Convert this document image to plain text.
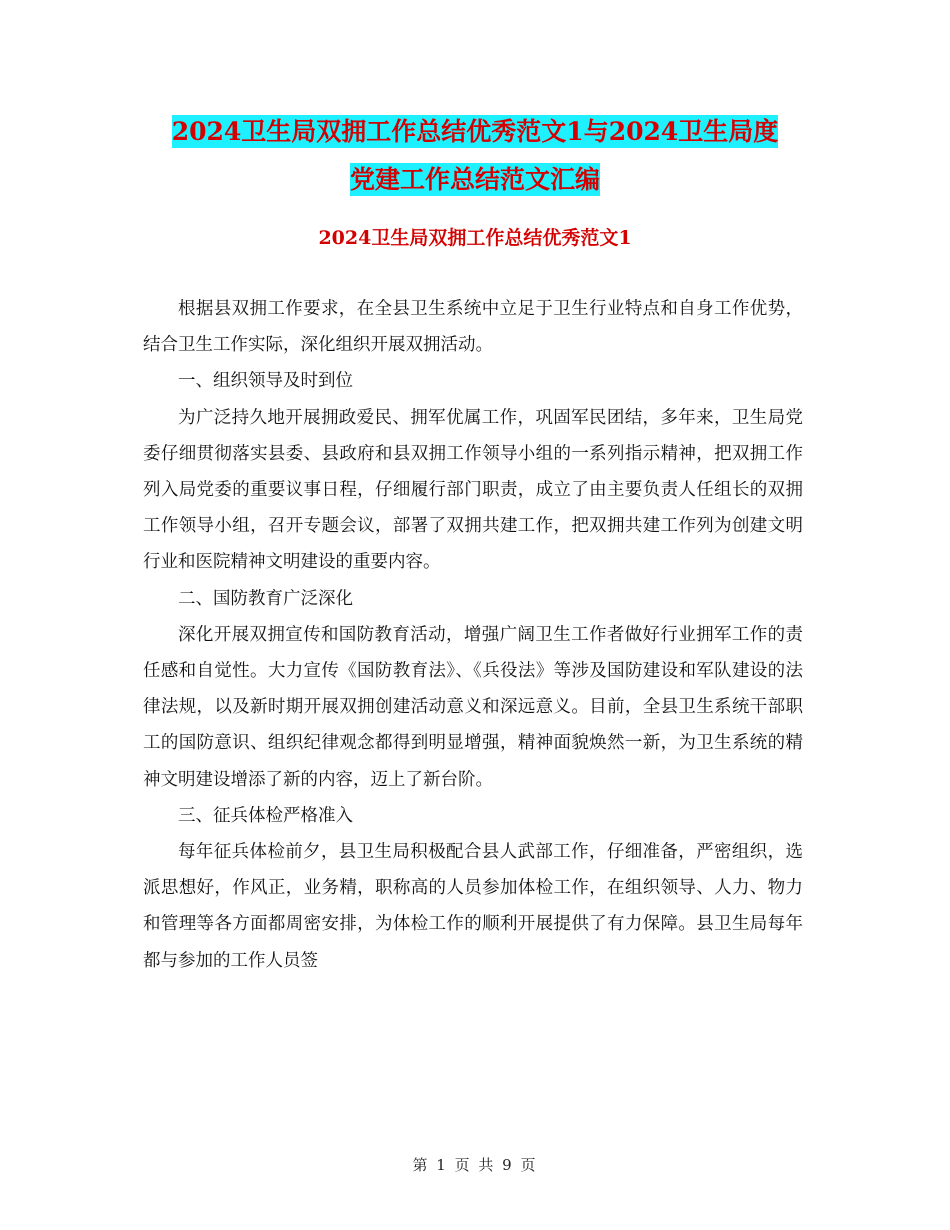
2024卫生局双拥工作总结优秀范文1与2024卫生局度
党建工作总结范文汇编
2024卫生局双拥工作总结优秀范文1

根据县双拥工作要求，在全县卫生系统中立足于卫生行业特点和自身工作优势，结合卫生工作实际，深化组织开展双拥活动。

一、组织领导及时到位

为广泛持久地开展拥政爱民、拥军优属工作，巩固军民团结，多年来，卫生局党委仔细贯彻落实县委、县政府和县双拥工作领导小组的一系列指示精神，把双拥工作列入局党委的重要议事日程，仔细履行部门职责，成立了由主要负责人任组长的双拥工作领导小组，召开专题会议，部署了双拥共建工作，把双拥共建工作列为创建文明行业和医院精神文明建设的重要内容。

二、国防教育广泛深化

深化开展双拥宣传和国防教育活动，增强广阔卫生工作者做好行业拥军工作的责任感和自觉性。大力宣传《国防教育法》、《兵役法》等涉及国防建设和军队建设的法律法规，以及新时期开展双拥创建活动意义和深远意义。目前，全县卫生系统干部职工的国防意识、组织纪律观念都得到明显增强，精神面貌焕然一新，为卫生系统的精神文明建设增添了新的内容，迈上了新台阶。

三、征兵体检严格准入

每年征兵体检前夕，县卫生局积极配合县人武部工作，仔细准备，严密组织，选派思想好，作风正，业务精，职称高的人员参加体检工作，在组织领导、人力、物力和管理等各方面都周密安排，为体检工作的顺利开展提供了有力保障。县卫生局每年都与参加的工作人员签

第 1 页 共 9 页
